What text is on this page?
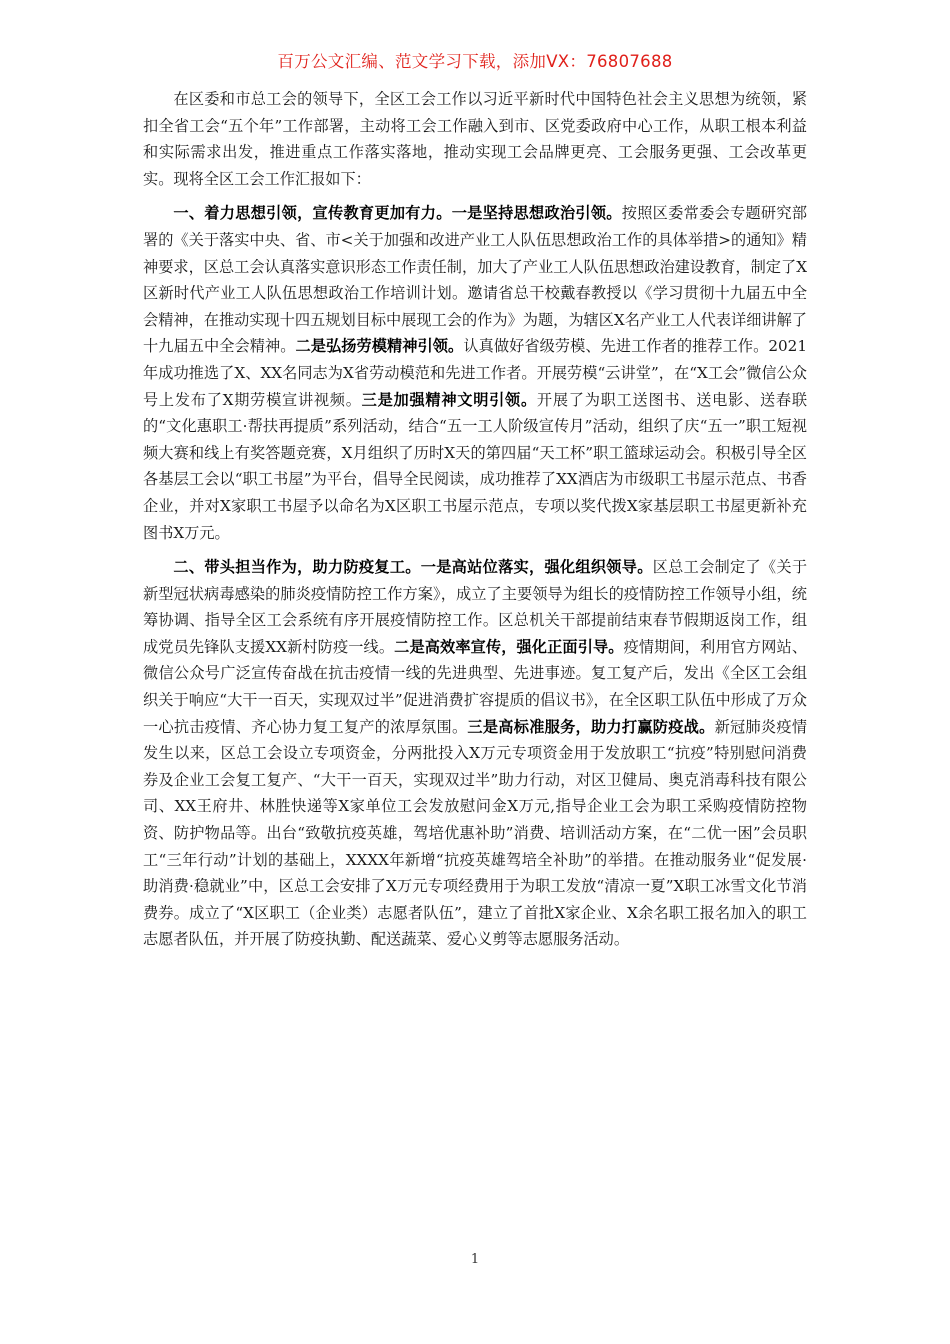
百万公文汇编、范文学习下载，添加VX：76807688

在区委和市总工会的领导下，全区工会工作以习近平新时代中国特色社会主义思想为统领，紧扣全省工会“五个年”工作部署，主动将工会工作融入到市、区党委政府中心工作，从职工根本利益和实际需求出发，推进重点工作落实落地，推动实现工会品牌更亮、工会服务更强、工会改革更实。现将全区工会工作汇报如下：

一、着力思想引领，宣传教育更加有力。一是坚持思想政治引领。按照区委常委会专题研究部署的《关于落实中央、省、市<关于加强和改进产业工人队伍思想政治工作的具体举措>的通知》精神要求，区总工会认真落实意识形态工作责任制，加大了产业工人队伍思想政治建设教育，制定了X区新时代产业工人队伍思想政治工作培训计划。邀请省总干校戴春教授以《学习贯彻十九届五中全会精神，在推动实现十四五规划目标中展现工会的作为》为题，为辖区X名产业工人代表详细讲解了十九届五中全会精神。二是弘扬劳模精神引领。认真做好省级劳模、先进工作者的推荐工作。2021年成功推选了X、XX名同志为X省劳动模范和先进工作者。开展劳模“云讲堂”，在“X工会”微信公众号上发布了X期劳模宣讲视频。三是加强精神文明引领。开展了为职工送图书、送电影、送春联的“文化惠职工·帮扶再提质”系列活动，结合“五一工人阶级宣传月”活动，组织了庆“五一”职工短视频大赛和线上有奖答题竞赛，X月组织了历时X天的第四届“天工杯”职工篮球运动会。积极引导全区各基层工会以“职工书屋”为平台，倡导全民阅读，成功推荐了XX酒店为市级职工书屋示范点、书香企业，并对X家职工书屋予以命名为X区职工书屋示范点，专项以奖代拨X家基层职工书屋更新补充图书X万元。

二、带头担当作为，助力防疫复工。一是高站位落实，强化组织领导。区总工会制定了《关于新型冠状病毒感染的肺炎疫情防控工作方案》，成立了主要领导为组长的疫情防控工作领导小组，统筹协调、指导全区工会系统有序开展疫情防控工作。区总机关干部提前结束春节假期返岗工作，组成党员先锋队支援XX新村防疫一线。二是高效率宣传，强化正面引导。疫情期间，利用官方网站、微信公众号广泛宣传奋战在抗击疫情一线的先进典型、先进事迹。复工复产后，发出《全区工会组织关于响应“大干一百天，实现双过半”促进消费扩容提质的倡议书》，在全区职工队伍中形成了万众一心抗击疫情、齐心协力复工复产的浓厚氛围。三是高标准服务，助力打赢防疫战。新冠肺炎疫情发生以来，区总工会设立专项资金，分两批投入X万元专项资金用于发放职工“抗疫”特别慰问消费券及企业工会复工复产、“大干一百天，实现双过半”助力行动，对区卫健局、奥克消毒科技有限公司、XX王府井、林胜快递等X家单位工会发放慰问金X万元,指导企业工会为职工采购疫情防控物资、防护物品等。出台“致敬抗疫英雄，驾培优惠补助”消费、培训活动方案，在“二优一困”会员职工“三年行动”计划的基础上，XXXX年新增“抗疫英雄驾培全补助”的举措。在推动服务业“促发展·助消费·稳就业”中，区总工会安排了X万元专项经费用于为职工发放“清凉一夏”X职工冰雪文化节消费券。成立了“X区职工（企业类）志愿者队伍”，建立了首批X家企业、X余名职工报名加入的职工志愿者队伍，并开展了防疫执勤、配送蔬菜、爱心义剪等志愿服务活动。

1
